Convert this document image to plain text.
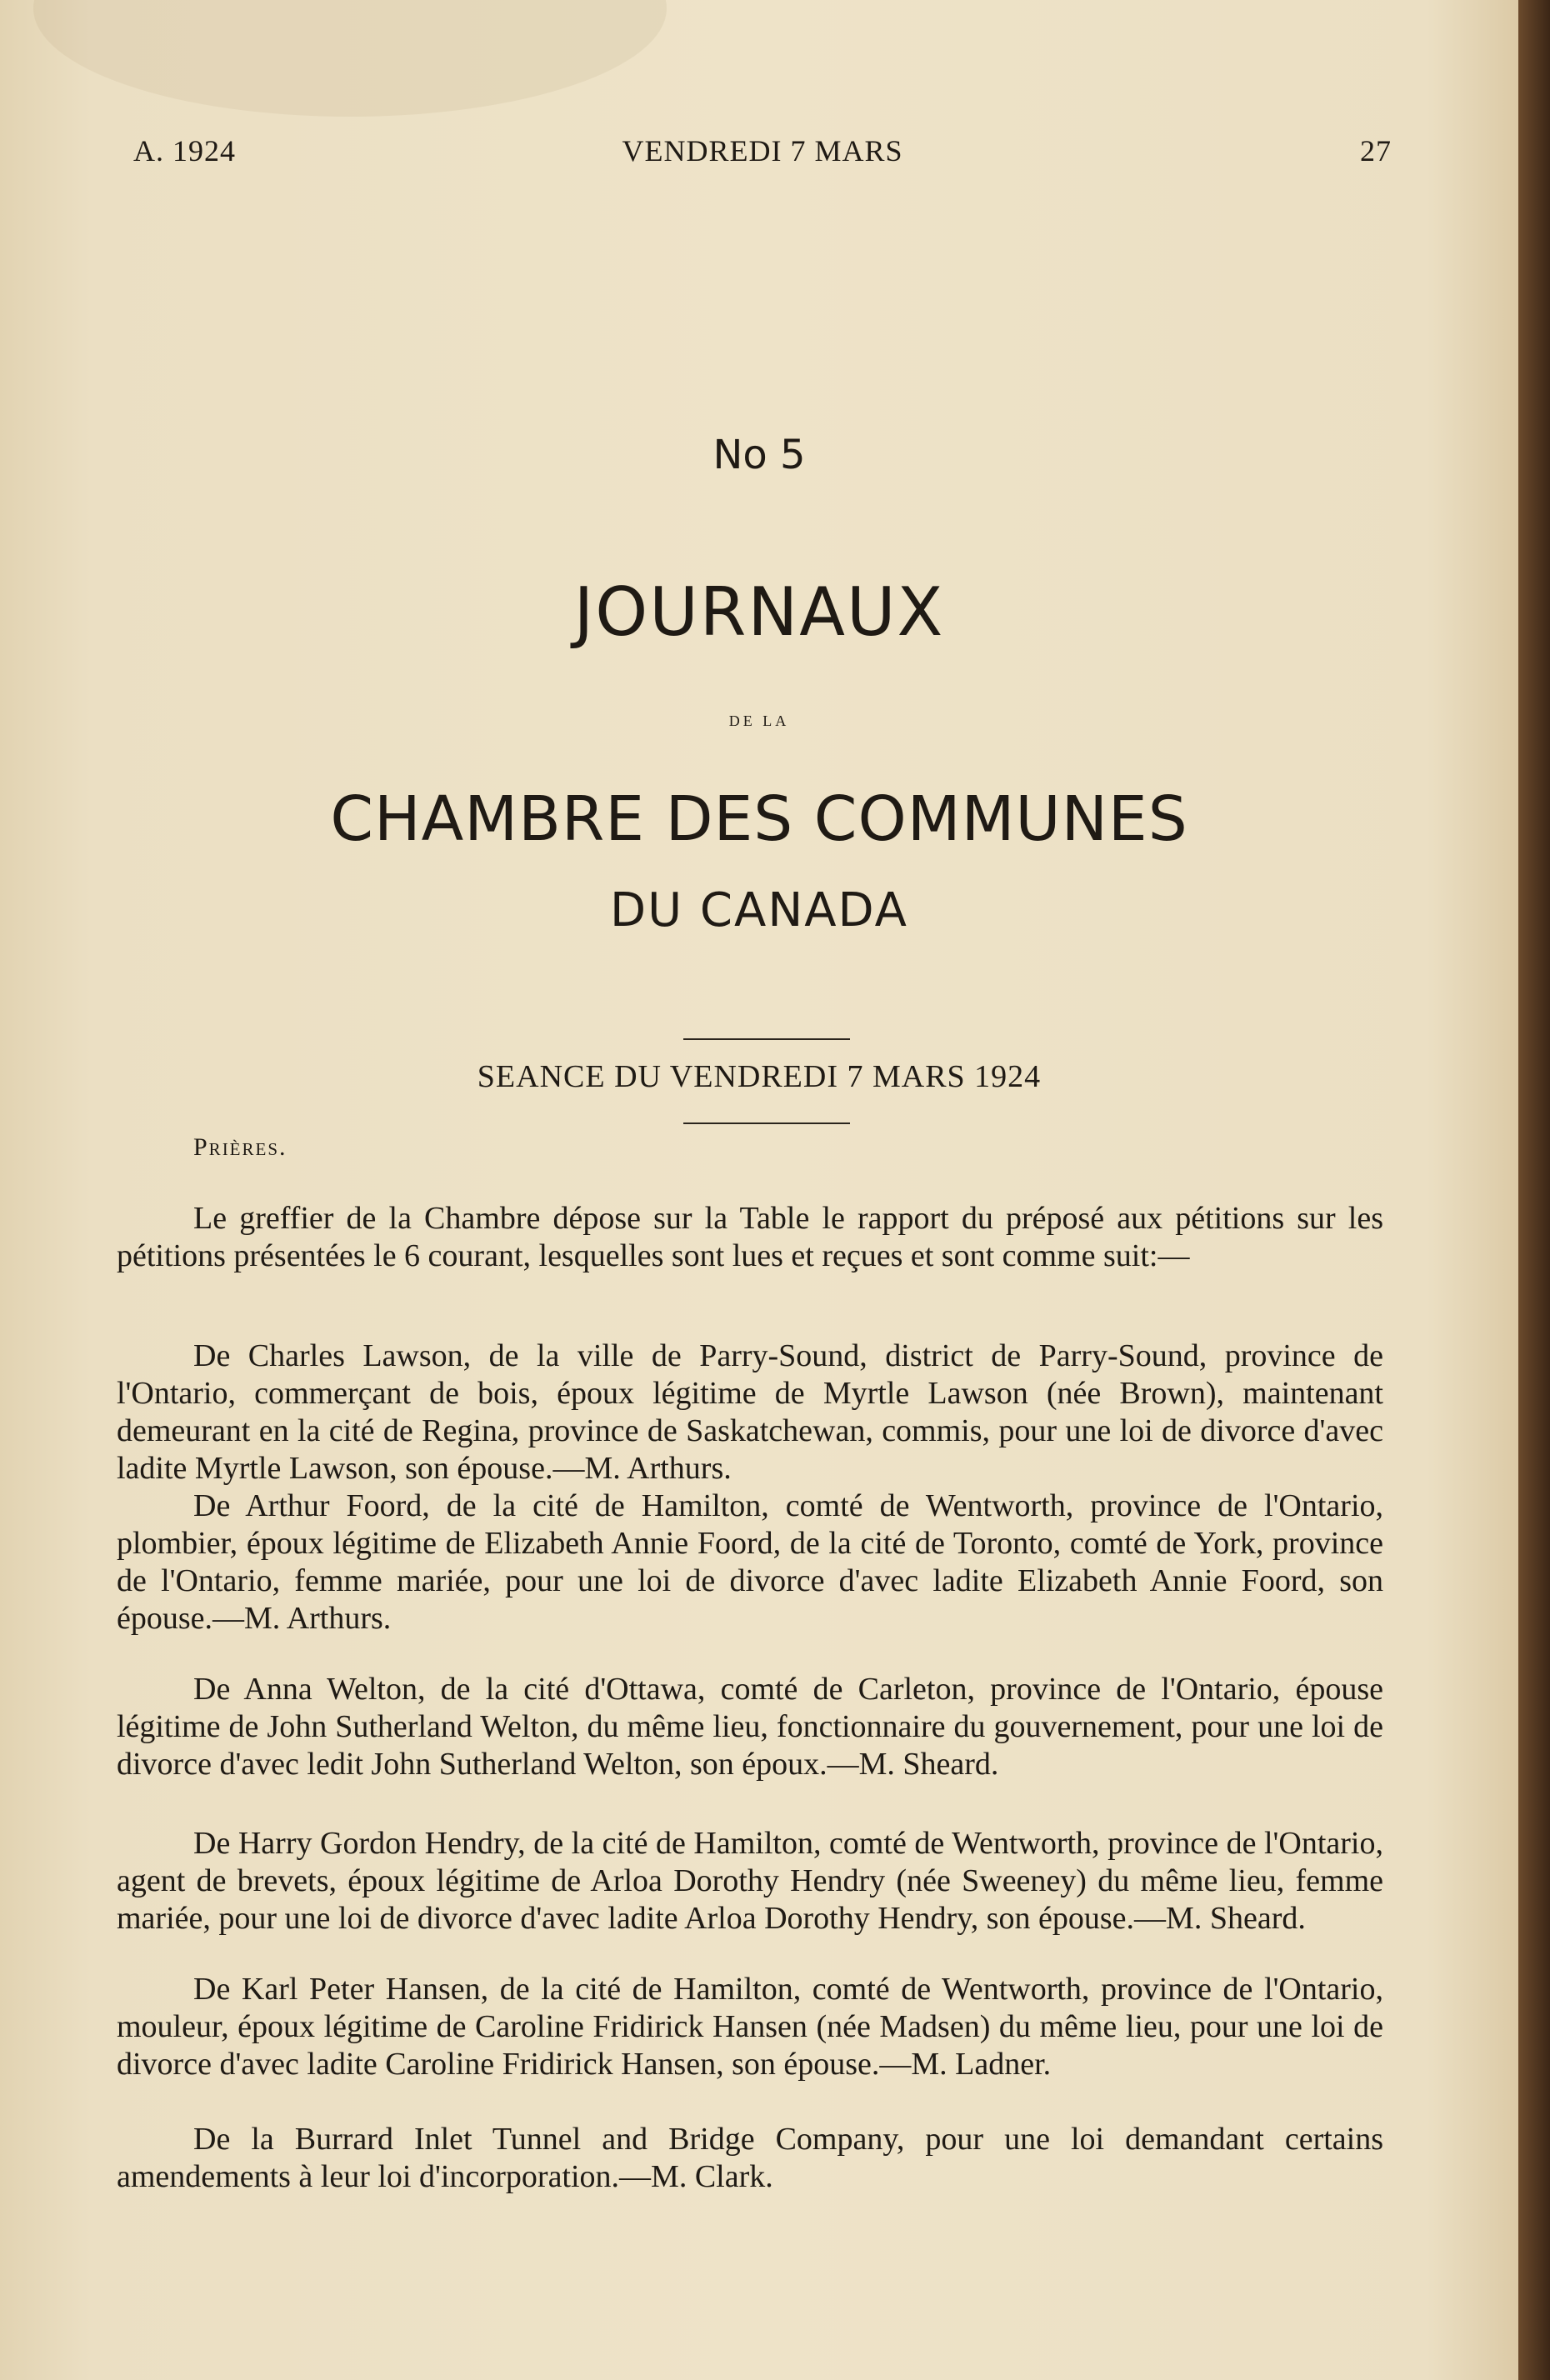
A. 1924	VENDREDI 7 MARS	27
No 5
JOURNAUX
DE LA
CHAMBRE DES COMMUNES
DU CANADA
SEANCE DU VENDREDI 7 MARS 1924
Prières.

Le greffier de la Chambre dépose sur la Table le rapport du préposé aux pétitions sur les pétitions présentées le 6 courant, lesquelles sont lues et reçues et sont comme suit:—

De Charles Lawson, de la ville de Parry-Sound, district de Parry-Sound, province de l'Ontario, commerçant de bois, époux légitime de Myrtle Lawson (née Brown), maintenant demeurant en la cité de Regina, province de Saskatchewan, commis, pour une loi de divorce d'avec ladite Myrtle Lawson, son épouse.—M. Arthurs.

De Arthur Foord, de la cité de Hamilton, comté de Wentworth, province de l'Ontario, plombier, époux légitime de Elizabeth Annie Foord, de la cité de Toronto, comté de York, province de l'Ontario, femme mariée, pour une loi de divorce d'avec ladite Elizabeth Annie Foord, son épouse.—M. Arthurs.

De Anna Welton, de la cité d'Ottawa, comté de Carleton, province de l'Ontario, épouse légitime de John Sutherland Welton, du même lieu, fonctionnaire du gouvernement, pour une loi de divorce d'avec ledit John Sutherland Welton, son époux.—M. Sheard.

De Harry Gordon Hendry, de la cité de Hamilton, comté de Wentworth, province de l'Ontario, agent de brevets, époux légitime de Arloa Dorothy Hendry (née Sweeney) du même lieu, femme mariée, pour une loi de divorce d'avec ladite Arloa Dorothy Hendry, son épouse.—M. Sheard.

De Karl Peter Hansen, de la cité de Hamilton, comté de Wentworth, province de l'Ontario, mouleur, époux légitime de Caroline Fridirick Hansen (née Madsen) du même lieu, pour une loi de divorce d'avec ladite Caroline Fridirick Hansen, son épouse.—M. Ladner.

De la Burrard Inlet Tunnel and Bridge Company, pour une loi demandant certains amendements à leur loi d'incorporation.—M. Clark.
